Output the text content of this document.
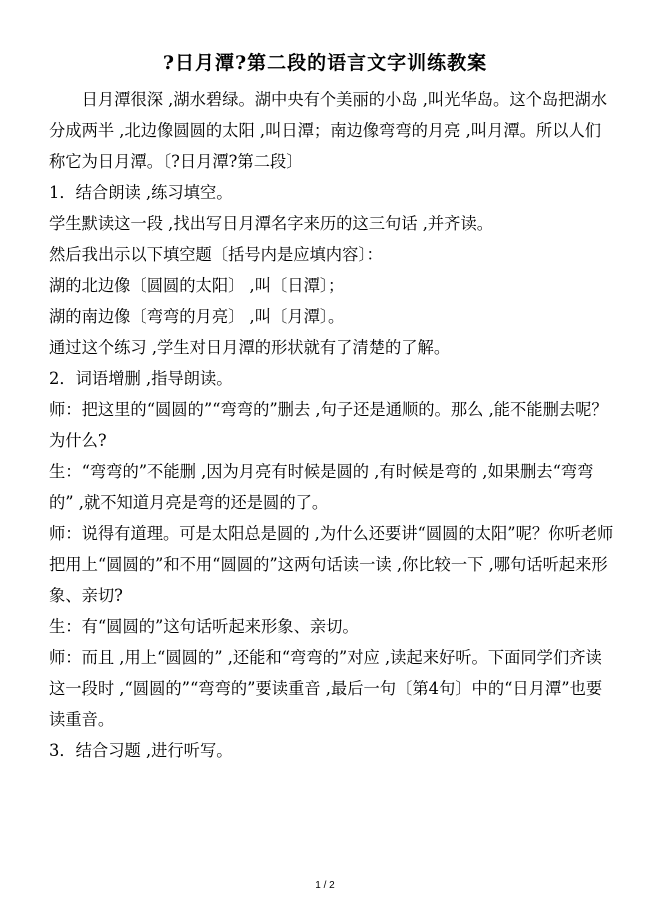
?日月潭?第二段的语言文字训练教案

日月潭很深 ,湖水碧绿。湖中央有个美丽的小岛 ,叫光华岛。这个岛把湖水分成两半 ,北边像圆圆的太阳 ,叫日潭；南边像弯弯的月亮 ,叫月潭。所以人们称它为日月潭。〔?日月潭?第二段〕

1．结合朗读 ,练习填空。

学生默读这一段 ,找出写日月潭名字来历的这三句话 ,并齐读。

然后我出示以下填空题〔括号内是应填内容〕：

湖的北边像〔圆圆的太阳〕 ,叫〔日潭〕；

湖的南边像〔弯弯的月亮〕 ,叫〔月潭〕。

通过这个练习 ,学生对日月潭的形状就有了清楚的了解。

2．词语增删 ,指导朗读。

师：把这里的“圆圆的”“弯弯的”删去 ,句子还是通顺的。那么 ,能不能删去呢？为什么?

生：“弯弯的”不能删 ,因为月亮有时候是圆的 ,有时候是弯的 ,如果删去“弯弯的” ,就不知道月亮是弯的还是圆的了。

师：说得有道理。可是太阳总是圆的 ,为什么还要讲“圆圆的太阳”呢？你听老师把用上“圆圆的”和不用“圆圆的”这两句话读一读 ,你比较一下 ,哪句话听起来形象、亲切?

生：有“圆圆的”这句话听起来形象、亲切。

师：而且 ,用上“圆圆的” ,还能和“弯弯的”对应 ,读起来好听。下面同学们齐读这一段时 ,“圆圆的”“弯弯的”要读重音 ,最后一句〔第4句〕中的“日月潭”也要读重音。

3．结合习题 ,进行听写。

1 / 2
